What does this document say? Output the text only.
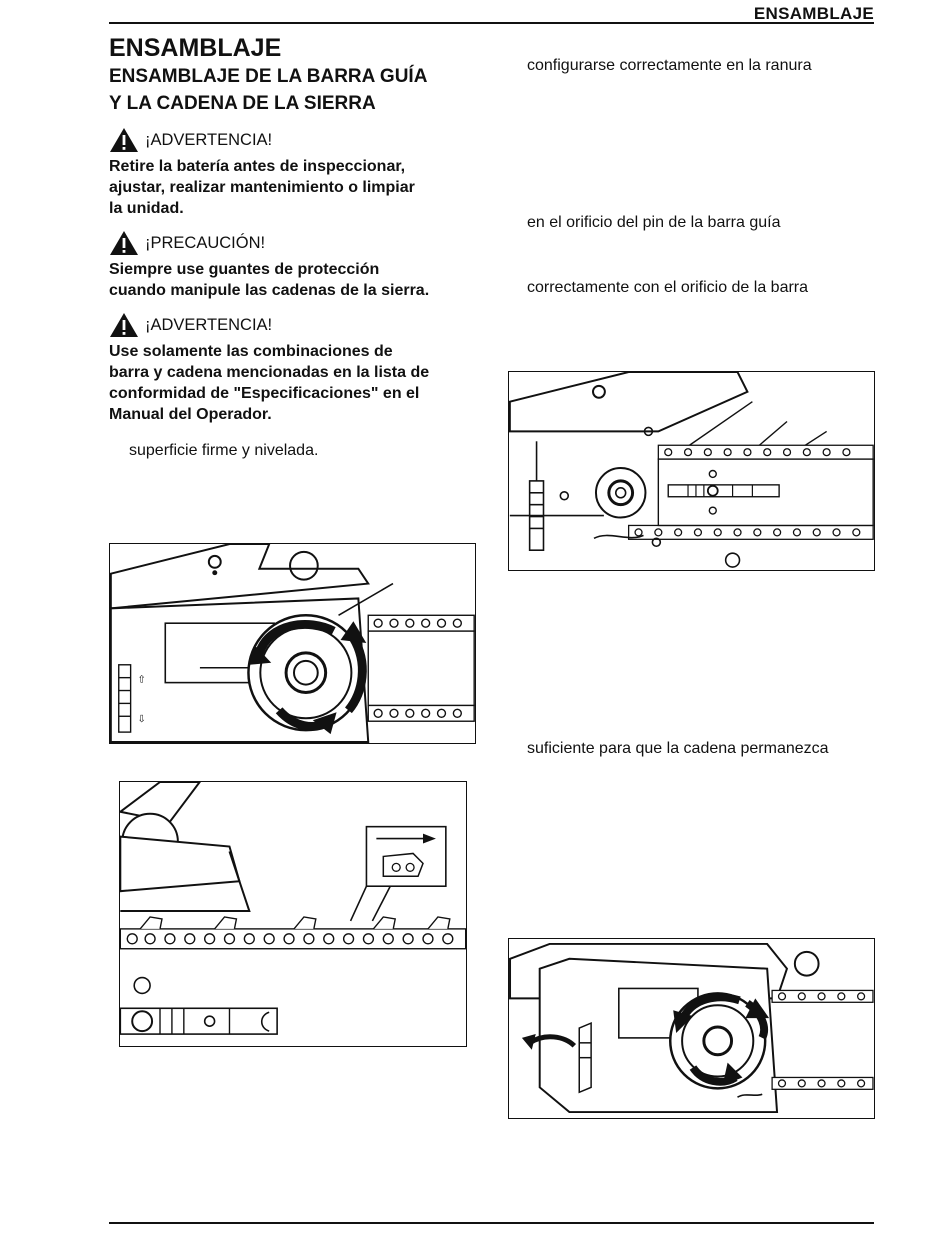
ENSAMBLAJE
ENSAMBLAJE
ENSAMBLAJE DE LA BARRA GUÍA
Y LA CADENA DE LA SIERRA
¡ADVERTENCIA!

Retire la batería antes de inspeccionar,
ajustar, realizar mantenimiento o limpiar
la unidad.

¡PRECAUCIÓN!

Siempre use guantes de protección
cuando manipule las cadenas de la sierra.

¡ADVERTENCIA!

Use solamente las combinaciones de
barra y cadena mencionadas en la lista de
conformidad de "Especificaciones" en el
Manual del Operador.

superficie firme y nivelada.
⇧
⇩
configurarse correctamente en la ranura
en el orificio del pin de la barra guía
correctamente con el orificio de la barra
suficiente para que la cadena permanezca
